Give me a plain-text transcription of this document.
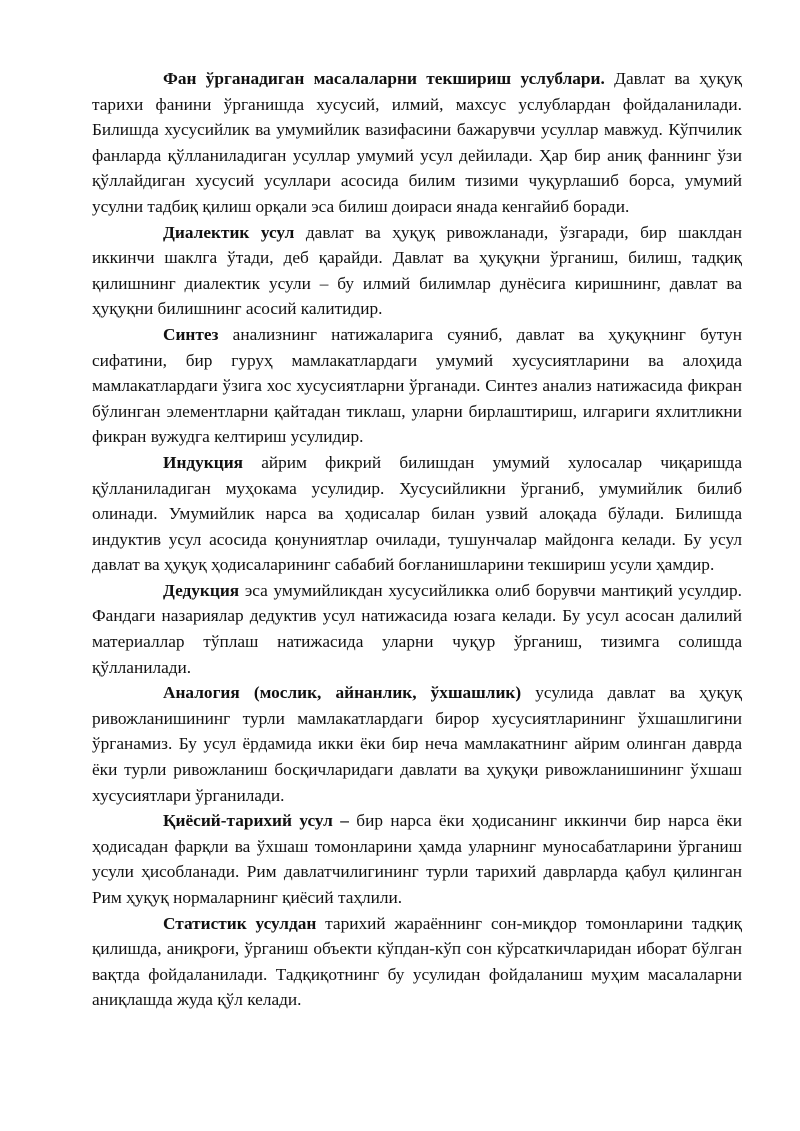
Фан ўрганадиган масалаларни текшириш услублари. Давлат ва ҳуқуқ тарихи фанини ўрганишда хусусий, илмий, махсус услублардан фойдаланилади. Билишда хусусийлик ва умумийлик вазифасини бажарувчи усуллар мавжуд. Кўпчилик фанларда қўлланиладиган усуллар умумий усул дейилади. Ҳар бир аниқ фаннинг ўзи қўллайдиган хусусий усуллари асосида билим тизими чуқурлашиб борса, умумий усулни тадбиқ қилиш орқали эса билиш доираси янада кенгайиб боради.

Диалектик усул давлат ва ҳуқуқ ривожланади, ўзгаради, бир шаклдан иккинчи шаклга ўтади, деб қарайди. Давлат ва ҳуқуқни ўрганиш, билиш, тадқиқ қилишнинг диалектик усули – бу илмий билимлар дунёсига киришнинг, давлат ва ҳуқуқни билишнинг асосий калитидир.

Синтез анализнинг натижаларига суяниб, давлат ва ҳуқуқнинг бутун сифатини, бир гуруҳ мамлакатлардаги умумий хусусиятларини ва алоҳида мамлакатлардаги ўзига хос хусусиятларни ўрганади. Синтез анализ натижасида фикран бўлинган элементларни қайтадан тиклаш, уларни бирлаштириш, илгариги яхлитликни фикран вужудга келтириш усулидир.

Индукция айрим фикрий билишдан умумий хулосалар чиқаришда қўлланиладиган муҳокама усулидир. Хусусийликни ўрганиб, умумийлик билиб олинади. Умумийлик нарса ва ҳодисалар билан узвий алоқада бўлади. Билишда индуктив усул асосида қонуниятлар очилади, тушунчалар майдонга келади. Бу усул давлат ва ҳуқуқ ҳодисаларининг сабабий боғланишларини текшириш усули ҳамдир.

Дедукция эса умумийликдан хусусийликка олиб борувчи мантиқий усулдир. Фандаги назариялар дедуктив усул натижасида юзага келади. Бу усул асосан далилий материаллар тўплаш натижасида уларни чуқур ўрганиш, тизимга солишда қўлланилади.

Аналогия (мослик, айнанлик, ўхшашлик) усулида давлат ва ҳуқуқ ривожланишининг турли мамлакатлардаги бирор хусусиятларининг ўхшашлигини ўрганамиз. Бу усул ёрдамида икки ёки бир неча мамлакатнинг айрим олинган даврда ёки турли ривожланиш босқичларидаги давлати ва ҳуқуқи ривожланишининг ўхшаш хусусиятлари ўрганилади.

Қиёсий-тарихий усул – бир нарса ёки ҳодисанинг иккинчи бир нарса ёки ҳодисадан фарқли ва ўхшаш томонларини ҳамда уларнинг муносабатларини ўрганиш усули ҳисобланади. Рим давлатчилигининг турли тарихий даврларда қабул қилинган Рим ҳуқуқ нормаларнинг қиёсий таҳлили.

Статистик усулдан тарихий жараённинг сон-миқдор томонларини тадқиқ қилишда, аниқроғи, ўрганиш объекти кўпдан-кўп сон кўрсаткичларидан иборат бўлган вақтда фойдаланилади. Тадқиқотнинг бу усулидан фойдаланиш муҳим масалаларни аниқлашда жуда қўл келади.
